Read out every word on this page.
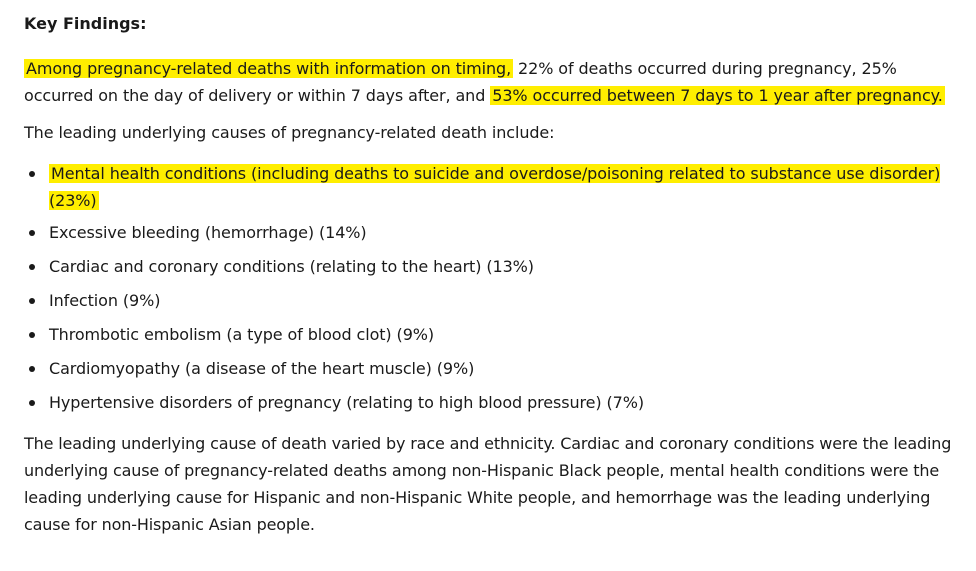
Key Findings:

Among pregnancy-related deaths with information on timing, 22% of deaths occurred during pregnancy, 25% occurred on the day of delivery or within 7 days after, and 53% occurred between 7 days to 1 year after pregnancy.

The leading underlying causes of pregnancy-related death include:

Mental health conditions (including deaths to suicide and overdose/poisoning related to substance use disorder) (23%)
Excessive bleeding (hemorrhage) (14%)
Cardiac and coronary conditions (relating to the heart) (13%)
Infection (9%)
Thrombotic embolism (a type of blood clot) (9%)
Cardiomyopathy (a disease of the heart muscle) (9%)
Hypertensive disorders of pregnancy (relating to high blood pressure) (7%)

The leading underlying cause of death varied by race and ethnicity. Cardiac and coronary conditions were the leading underlying cause of pregnancy-related deaths among non-Hispanic Black people, mental health conditions were the leading underlying cause for Hispanic and non-Hispanic White people, and hemorrhage was the leading underlying cause for non-Hispanic Asian people.
